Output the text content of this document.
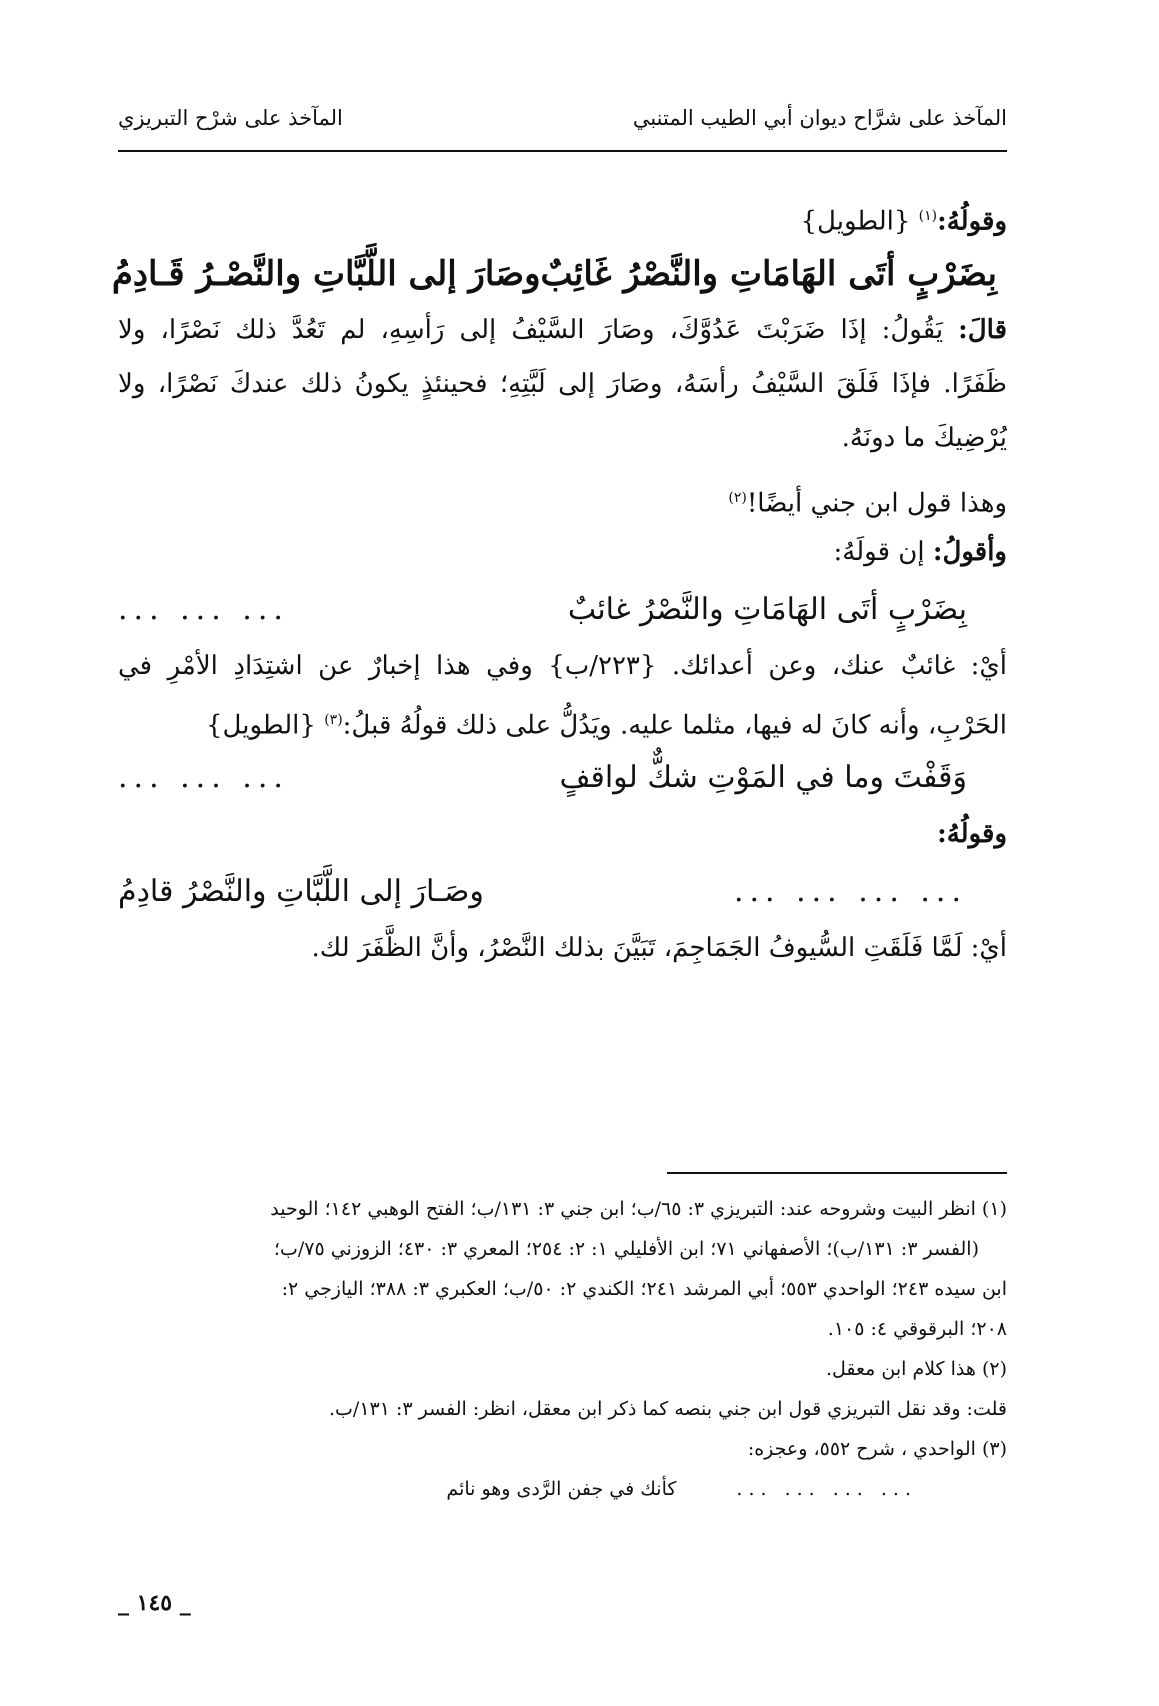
المآخذ على شرَّاح ديوان أبي الطيب المتنبي
المآخذ على شرْح التبريزي
وقولُهُ:$^{(١)}$ {الطويل}
بِضَرْبٍ أتَى الهَامَاتِ والنَّصْرُ غَائِبٌ
وصَارَ إلى اللَّبَّاتِ والنَّصْـرُ قَـادِمُ
قالَ: يَقُولُ: إذَا ضَرَبْتَ عَدُوَّكَ، وصَارَ السَّيْفُ إلى رَأسِهِ، لم تَعُدَّ ذلك نَصْرًا، ولا
ظَفَرًا. فإذَا فَلَقَ السَّيْفُ رأسَهُ، وصَارَ إلى لَبَّتِهِ؛ فحينئذٍ يكونُ ذلك عندكَ نَصْرًا، ولا
يُرْضِيكَ ما دونَهُ.
وهذا قول ابن جني أيضًا!$^{(٢)}$
وأقولُ: إن قولَهُ:
بِضَرْبٍ أتَى الهَامَاتِ والنَّصْرُ غائبٌ
... ... ...
أيْ: غائبٌ عنك، وعن أعدائك. {٢٢٣/ب} وفي هذا إخبارٌ عن اشتِدَادِ الأمْرِ في
الحَرْبِ، وأنه كانَ له فيها، مثلما عليه. ويَدُلُّ على ذلك قولُهُ قبلُ:$^{(٣)}$ {الطويل}
وَقَفْتَ وما في المَوْتِ شكٌّ لواقفٍ
... ... ...
وقولُهُ:
... ... ... ...
وصَـارَ إلى اللَّبَّاتِ والنَّصْرُ قادِمُ
أيْ: لَمَّا فَلَقَتِ السُّيوفُ الجَمَاجِمَ، تَبَيَّنَ بذلك النَّصْرُ، وأنَّ الظَّفَرَ لك.
(١) انظر البيت وشروحه عند: التبريزي ٣: ٦٥/ب؛ ابن جني ٣: ١٣١/ب؛ الفتح الوهبي ١٤٢؛ الوحيد
(الفسر ٣: ١٣١/ب)؛ الأصفهاني ٧١؛ ابن الأفليلي ١: ٢: ٢٥٤؛ المعري ٣: ٤٣٠؛ الزوزني ٧٥/ب؛
ابن سيده ٢٤٣؛ الواحدي ٥٥٣؛ أبي المرشد ٢٤١؛ الكندي ٢: ٥٠/ب؛ العكبري ٣: ٣٨٨؛ اليازجي ٢:
٢٠٨؛ البرقوقي ٤: ١٠٥.
(٢) هذا كلام ابن معقل.
قلت: وقد نقل التبريزي قول ابن جني بنصه كما ذكر ابن معقل، انظر: الفسر ٣: ١٣١/ب.
(٣) الواحدي ، شرح ٥٥٢، وعجزه:
... ... ... ...
كأنك في جفن الرَّدى وهو نائم
_ ١٤٥ _
